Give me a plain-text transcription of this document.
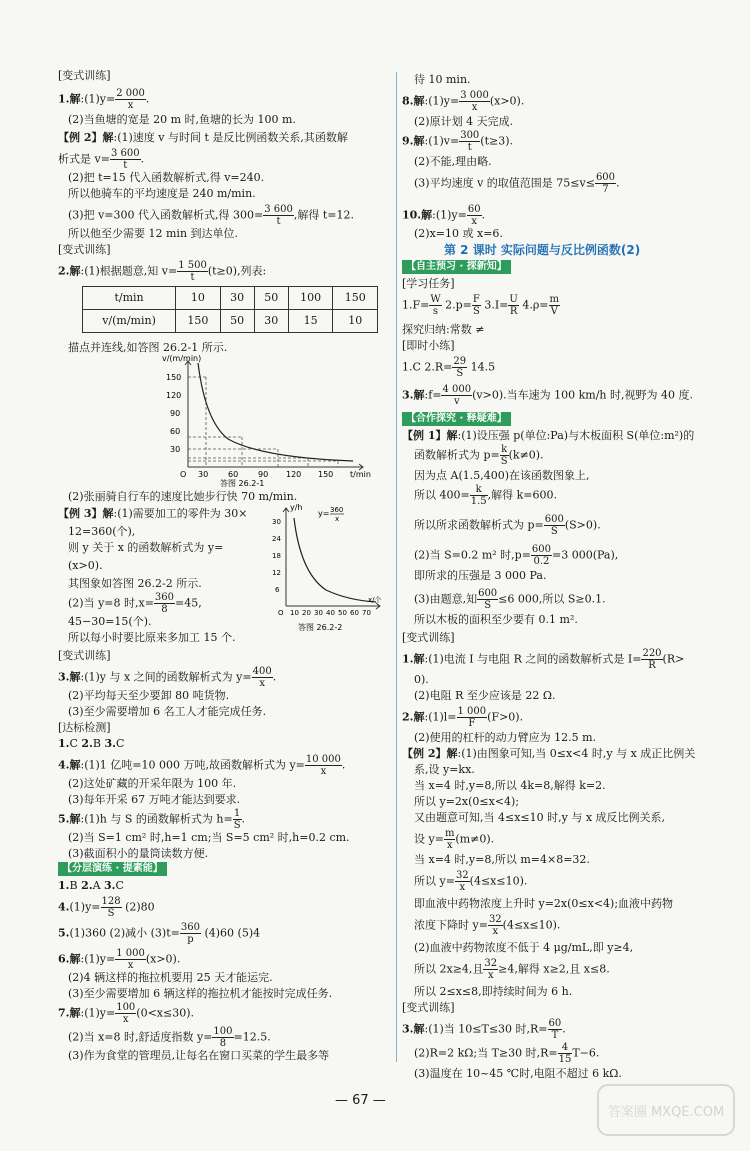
[变式训练]
1.解:(1)y= $\frac{2 000}{x}$ .
(2)当鱼塘的宽是 20 m 时,鱼塘的长为 100 m.
【例 2】解:(1)速度 v 与时间 t 是反比例函数关系,其函数解
析式是 $v= \frac{3 600}{t}$ .
(2)把 t=15 代入函数解析式,得 v=240.
所以他骑车的平均速度是 240 m/min.
(3)把 v=300 代入函数解析式,得 $300= \frac{3 600}{t}$ ,解得 t=12.
所以他至少需要 12 min 到达单位.
[变式训练]
2.解:(1)根据题意,知 $v= \frac{1 500}{t} (t\ge 0)$,列表:
t/min	10	30	50	100	150
v/(m/min)	150	50	30	15	10
描点并连线,如答图 26.2-1 所示.
v/(m/min)
150
120
90
60
30
O 30 60 90 120 150 t/min
答图 26.2-1
(2)张丽骑自行车的速度比她步行快 70 m/min.
【例 3】解:(1)需要加工的零件为 30×
12=360(个),
则 y 关于 x 的函数解析式为 y=
(x>0).
其图象如答图 26.2-2 所示.
(2)当 y=8 时$,x= \frac{360}{8} =45$,
45−30=15(个).
所以每小时要比原来多加工 15 个.
y/h
y= 360
x
30
24
18
12
6
O 10 20 30 40 50 60 70
x/个
答图 26.2-2
[变式训练]
3.解:(1)y 与 x 之间的函数解析式为 $y= \frac{400}{x}$ .
(2)平均每天至少要卸 80 吨货物.
(3)至少需要增加 6 名工人才能完成任务.
[达标检测]
1.C 2.B 3.C
4.解:(1)1 亿吨=10 000 万吨,故函数解析式为 $y= \frac{10 000}{x}$ .
(2)这处矿藏的开采年限为 100 年.
(3)每年开采 67 万吨才能达到要求.
5.解:(1)h 与 S 的函数解析式为 $h= \frac{1}{S}$ .
(2)当 S=1 cm² 时,h=1 cm;当 S=5 cm² 时,h=0.2 cm.
(3)截面积小的量筒读数方便.
【分层演练 · 提素能】
1.B 2.A 3.C
$4.(1)y= \frac{128}{S} (2)80$
5.(1)360 (2)减小 $(3)t= \frac{360}{p} (4)60$ (5)4
6.解:(1)y= $\frac{1 000}{x} (x>0)$.
(2)4 辆这样的拖拉机要用 25 天才能运完.
(3)至少需要增加 6 辆这样的拖拉机才能按时完成任务.
7.解:(1)y= $\frac{100}{x} (0<x\le 30)$.
(2)当 x=8 时,舒适度指数 $y= \frac{100}{8} =12.5$.
(3)作为食堂的管理员,让每名在窗口买菜的学生最多等
待 10 min.
8.解:(1)y= $\frac{3 000}{x} (x>0)$.
(2)原计划 4 天完成.
9.解:(1)v= $\frac{300}{t} (t\ge 3)$.
(2)不能,理由略.
(3)平均速度 v 的取值范围是 $75\le v\le \frac{600}{7}$ .
10.解:(1)y= $\frac{60}{x}$ .
(2)x=10 或 x=6.
第 2 课时 实际问题与反比例函数(2)
【自主预习 · 探新知】
[学习任务]
$1.F= \frac{W}{s} 2.p= \frac{F}{S} 3.I= \frac{U}{R} 4.\rho= \frac{m}{V}$
探究归纳:常数 ≠
[即时小练]
1.C $2.R= \frac{29}{S} 14.5$
3.解:f= $\frac{4 000}{v} (v>0)$.当车速为 100 km/h 时,视野为 40 度.
【合作探究 · 释疑难】
【例 1】解:(1)设压强 p(单位:Pa)与木板面积 S(单位:m²)的
函数解析式为 $p= \frac{k}{S} (k\ne 0)$.
因为点 A(1.5,400)在该函数图象上,
所以 $400= \frac{k}{1.5}$ ,解得 k=600.
所以所求函数解析式为 $p= \frac{600}{S} (S>0)$.
(2)当 S=0.2 m² 时$,p= \frac{600}{0.2} =3$ 000(Pa),
即所求的压强是 3 000 Pa.
(3)由题意,知 $\frac{600}{S} \le 6$ 000,所以 S≥0.1.
所以木板的面积至少要有 0.1 m².
[变式训练]
1.解:(1)电流 I 与电阻 R 之间的函数解析式是 $I= \frac{220}{R} (R>$
0).
(2)电阻 R 至少应该是 22 Ω.
2.解:(1)l= $\frac{1 000}{F} (F>0)$.
(2)使用的杠杆的动力臂应为 12.5 m.
【例 2】解:(1)由图象可知,当 0≤x<4 时,y 与 x 成正比例关
系,设 y=kx.
当 x=4 时,y=8,所以 4k=8,解得 k=2.
所以 y=2x(0≤x<4);
又由题意可知,当 4≤x≤10 时,y 与 x 成反比例关系,
设 $y= \frac{m}{x} (m\ne 0)$.
当 x=4 时,y=8,所以 m=4×8=32.
所以 $y= \frac{32}{x} (4\le x\le 10)$.
即血液中药物浓度上升时 y=2x(0≤x<4);血液中药物
浓度下降时 $y= \frac{32}{x} (4\le x\le 10)$.
(2)血液中药物浓度不低于 4 μg/mL,即 y≥4,
所以 2x≥4,且 $\frac{32}{x} \ge 4$,解得 x≥2,且 x≤8.
所以 2≤x≤8,即持续时间为 6 h.
[变式训练]
3.解:(1)当 10≤T≤30 时$,R= \frac{60}{T}$ .
(2)R=2 kΩ;当 T≥30 时$,R= \frac{4}{15} T-6$.
(3)温度在 10~45 ℃时,电阻不超过 6 kΩ.
— 67 —
答案圈 MXQE.COM
